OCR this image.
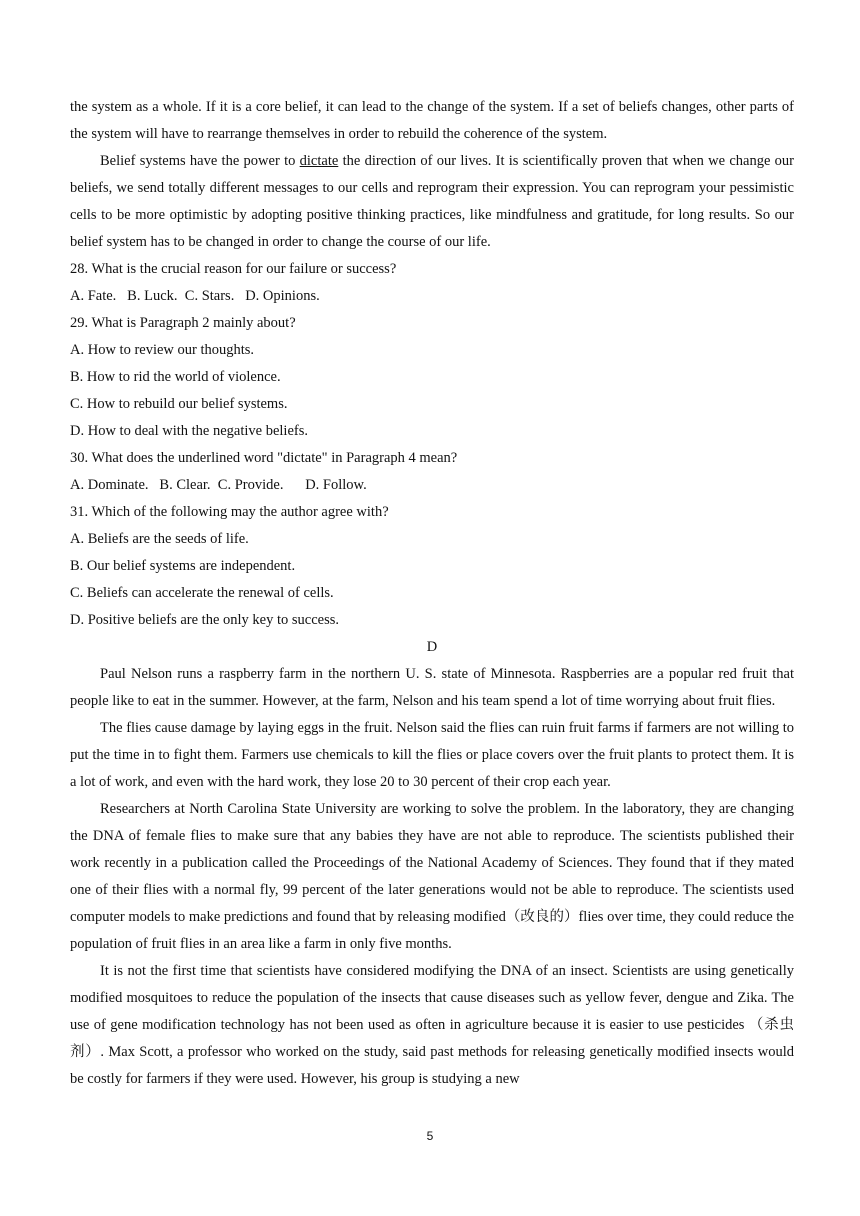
the system as a whole. If it is a core belief, it can lead to the change of the system. If a set of beliefs changes, other parts of the system will have to rearrange themselves in order to rebuild the coherence of the system.

Belief systems have the power to dictate the direction of our lives. It is scientifically proven that when we change our beliefs, we send totally different messages to our cells and reprogram their expression. You can reprogram your pessimistic cells to be more optimistic by adopting positive thinking practices, like mindfulness and gratitude, for long results. So our belief system has to be changed in order to change the course of our life.

28. What is the crucial reason for our failure or success?

A. Fate.   B. Luck.  C. Stars.   D. Opinions.

29. What is Paragraph 2 mainly about?

A. How to review our thoughts.

B. How to rid the world of violence.

C. How to rebuild our belief systems.

D. How to deal with the negative beliefs.

30. What does the underlined word "dictate" in Paragraph 4 mean?

A. Dominate.   B. Clear.  C. Provide.      D. Follow.

31. Which of the following may the author agree with?

A. Beliefs are the seeds of life.

B. Our belief systems are independent.

C. Beliefs can accelerate the renewal of cells.

D. Positive beliefs are the only key to success.

D

Paul Nelson runs a raspberry farm in the northern U. S. state of Minnesota. Raspberries are a popular red fruit that people like to eat in the summer. However, at the farm, Nelson and his team spend a lot of time worrying about fruit flies.

The flies cause damage by laying eggs in the fruit. Nelson said the flies can ruin fruit farms if farmers are not willing to put the time in to fight them. Farmers use chemicals to kill the flies or place covers over the fruit plants to protect them. It is a lot of work, and even with the hard work, they lose 20 to 30 percent of their crop each year.

Researchers at North Carolina State University are working to solve the problem. In the laboratory, they are changing the DNA of female flies to make sure that any babies they have are not able to reproduce. The scientists published their work recently in a publication called the Proceedings of the National Academy of Sciences. They found that if they mated one of their flies with a normal fly, 99 percent of the later generations would not be able to reproduce. The scientists used computer models to make predictions and found that by releasing modified（改良的）flies over time, they could reduce the population of fruit flies in an area like a farm in only five months.

It is not the first time that scientists have considered modifying the DNA of an insect. Scientists are using genetically modified mosquitoes to reduce the population of the insects that cause diseases such as yellow fever, dengue and Zika. The use of gene modification technology has not been used as often in agriculture because it is easier to use pesticides （杀虫剂）. Max Scott, a professor who worked on the study, said past methods for releasing genetically modified insects would be costly for farmers if they were used. However, his group is studying a new

5
